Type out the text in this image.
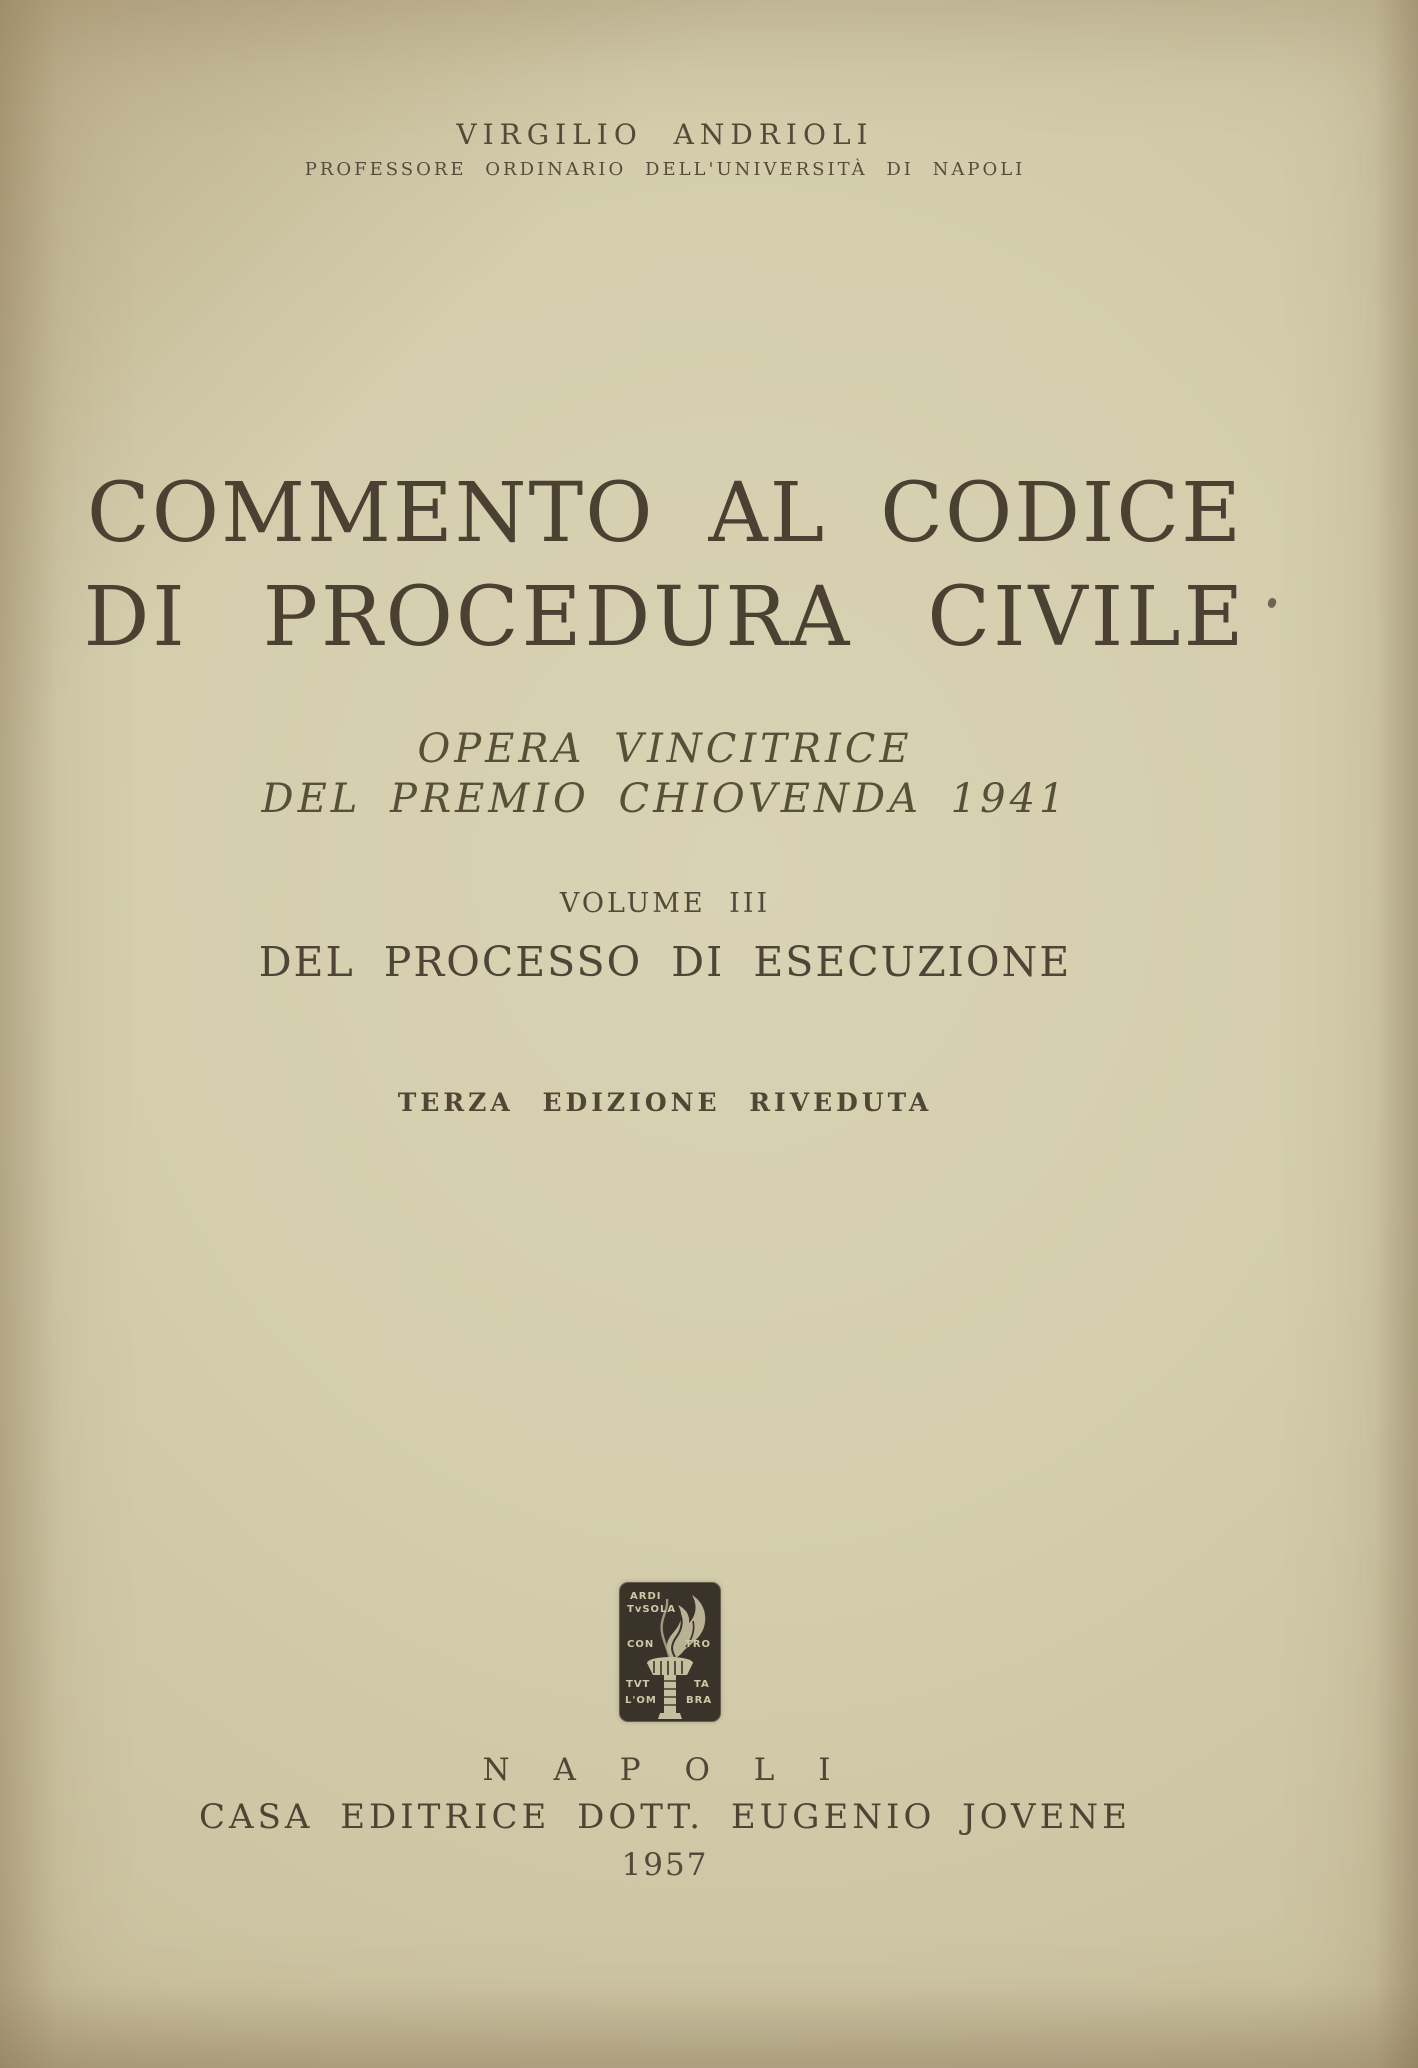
VIRGILIO ANDRIOLI
PROFESSORE ORDINARIO DELL'UNIVERSITÀ DI NAPOLI
COMMENTO AL CODICE
DI PROCEDURA CIVILE
OPERA VINCITRICE
DEL PREMIO CHIOVENDA 1941
VOLUME III
DEL PROCESSO DI ESECUZIONE
TERZA EDIZIONE RIVEDUTA
ARDI
TvSOLA
CON	TRO
TVT	TA
L'OM	BRA
N A P O L I
CASA EDITRICE DOTT. EUGENIO JOVENE
1957
